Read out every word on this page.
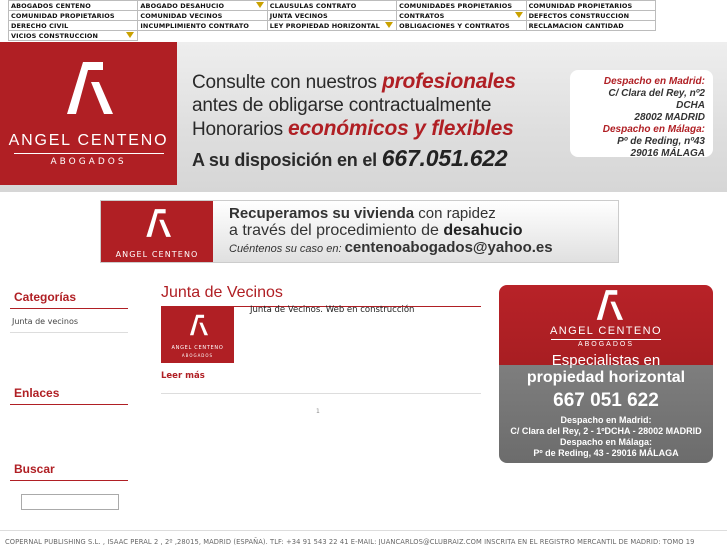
ABOGADOS CENTENO	ABOGADO DESAHUCIO	CLAUSULAS CONTRATO	COMUNIDADES PROPIETARIOS	COMUNIDAD PROPIETARIOS
COMUNIDAD PROPIETARIOS	COMUNIDAD VECINOS	JUNTA VECINOS	CONTRATOS	DEFECTOS CONSTRUCCION
DERECHO CIVIL	INCUMPLIMIENTO CONTRATO	LEY PROPIEDAD HORIZONTAL	OBLIGACIONES Y CONTRATOS	RECLAMACION CANTIDAD
VICIOS CONSTRUCCION

ANGEL CENTENO
ABOGADOS
Consulte con nuestros profesionales
antes de obligarse contractualmente
Honorarios económicos y flexibles
A su disposición en el 667.051.622
Despacho en Madrid:
C/ Clara del Rey, nº2 DCHA
28002 MADRID
Despacho en Málaga:
Pº de Reding, nº43
29016 MÁLAGA
ANGEL CENTENO
Recuperamos su vivienda con rapidez
a través del procedimiento de desahucio
Cuéntenos su caso en: centenoabogados@yahoo.es
Categorías
Junta de vecinos
Enlaces
Buscar
Junta de Vecinos
ANGEL CENTENO
ABOGADOS
Junta de Vecinos. Web en construcción
Leer más
1
ANGEL CENTENO
ABOGADOS
Especialistas en
propiedad horizontal
667 051 622
Despacho en Madrid:
C/ Clara del Rey, 2 - 1ºDCHA - 28002 MADRID
Despacho en Málaga:
Pº de Reding, 43 - 29016 MÁLAGA
COPERNAL PUBLISHING S.L. , ISAAC PERAL 2 , 2º ,28015, MADRID (ESPAÑA). TLF: +34 91 543 22 41 E-MAIL: JUANCARLOS@CLUBRAIZ.COM INSCRITA EN EL REGISTRO MERCANTIL DE MADRID: TOMO 19
